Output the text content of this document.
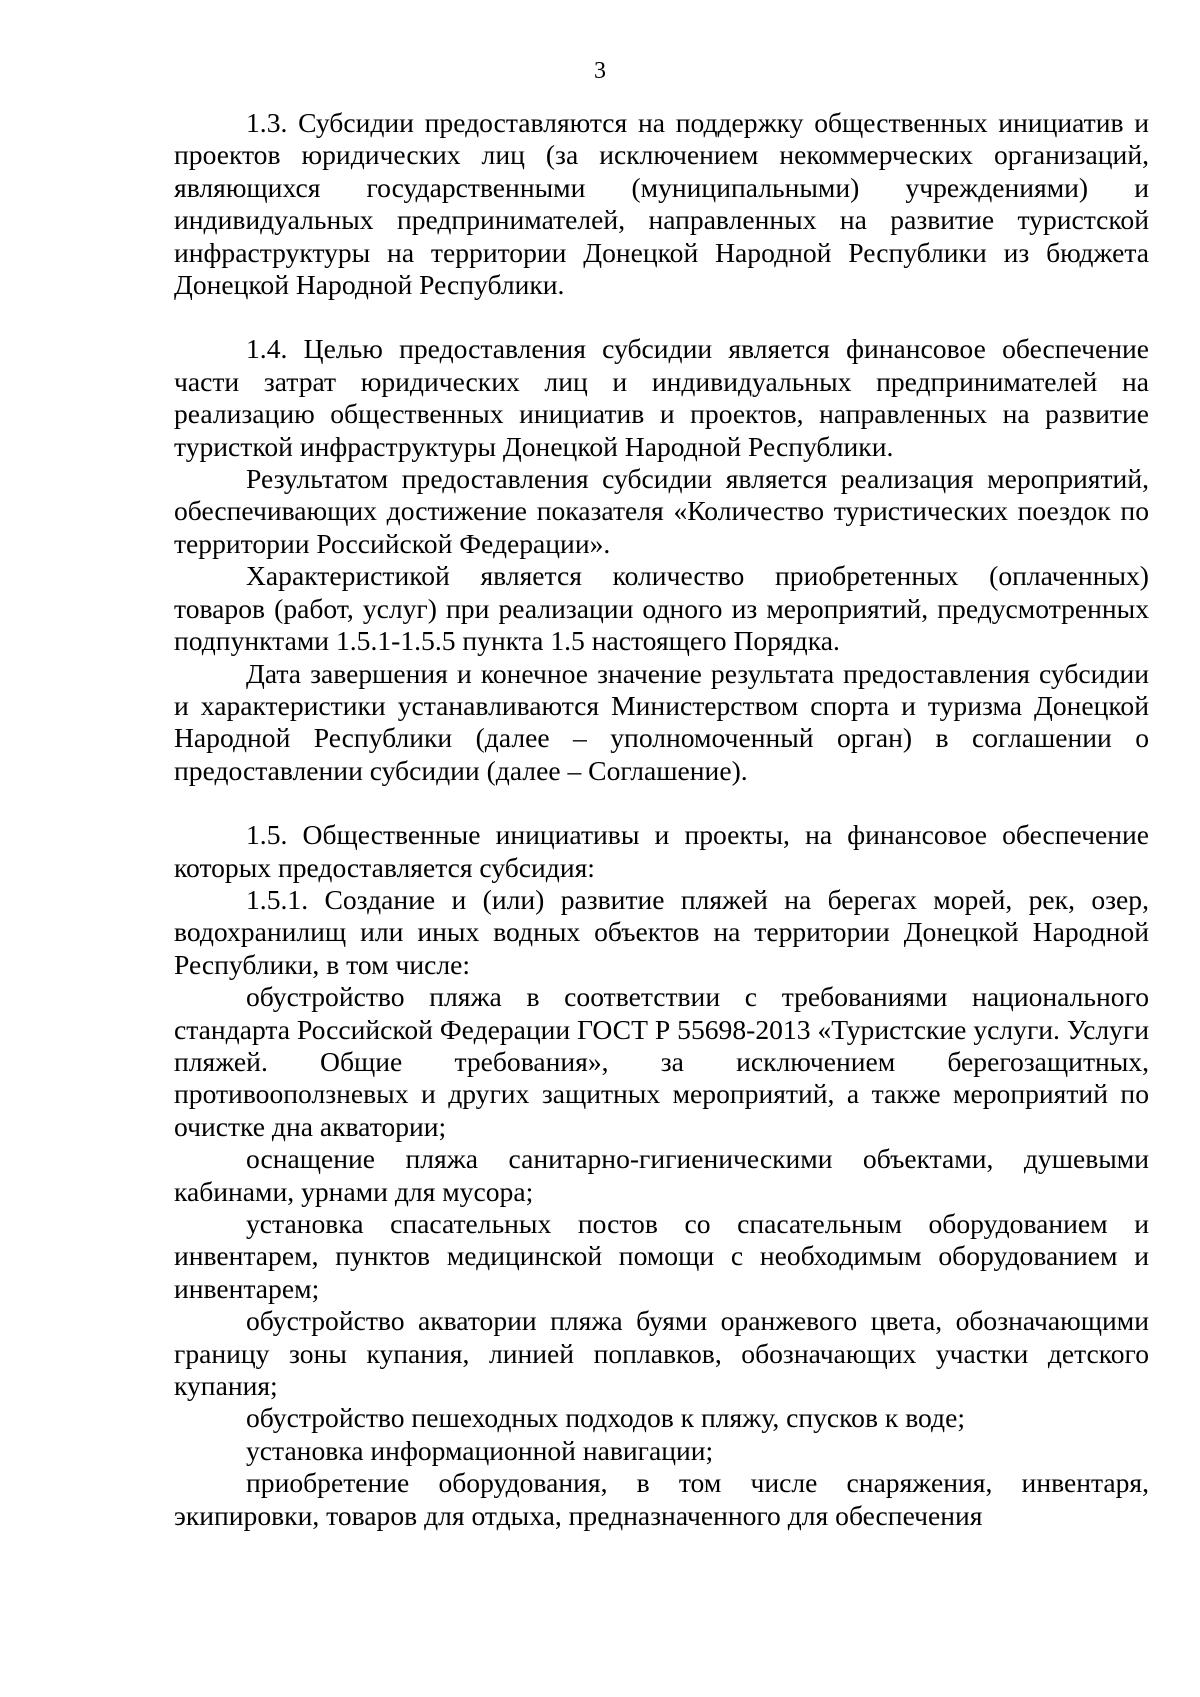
3

1.3. Субсидии предоставляются на поддержку общественных инициатив и проектов юридических лиц (за исключением некоммерческих организаций, являющихся государственными (муниципальными) учреждениями) и индивидуальных предпринимателей, направленных на развитие туристской инфраструктуры на территории Донецкой Народной Республики из бюджета Донецкой Народной Республики.

1.4. Целью предоставления субсидии является финансовое обеспечение части затрат юридических лиц и индивидуальных предпринимателей на реализацию общественных инициатив и проектов, направленных на развитие туристкой инфраструктуры Донецкой Народной Республики.

Результатом предоставления субсидии является реализация мероприятий, обеспечивающих достижение показателя «Количество туристических поездок по территории Российской Федерации».

Характеристикой является количество приобретенных (оплаченных) товаров (работ, услуг) при реализации одного из мероприятий, предусмотренных подпунктами 1.5.1-1.5.5 пункта 1.5 настоящего Порядка.

Дата завершения и конечное значение результата предоставления субсидии и характеристики устанавливаются Министерством спорта и туризма Донецкой Народной Республики (далее – уполномоченный орган) в соглашении о предоставлении субсидии (далее – Соглашение).

1.5. Общественные инициативы и проекты, на финансовое обеспечение которых предоставляется субсидия:

1.5.1. Создание и (или) развитие пляжей на берегах морей, рек, озер, водохранилищ или иных водных объектов на территории Донецкой Народной Республики, в том числе:

обустройство пляжа в соответствии с требованиями национального стандарта Российской Федерации ГОСТ Р 55698-2013 «Туристские услуги. Услуги пляжей. Общие требования», за исключением берегозащитных, противооползневых и других защитных мероприятий, а также мероприятий по очистке дна акватории;

оснащение пляжа санитарно-гигиеническими объектами, душевыми кабинами, урнами для мусора;

установка спасательных постов со спасательным оборудованием и инвентарем, пунктов медицинской помощи с необходимым оборудованием и инвентарем;

обустройство акватории пляжа буями оранжевого цвета, обозначающими границу зоны купания, линией поплавков, обозначающих участки детского купания;

обустройство пешеходных подходов к пляжу, спусков к воде;

установка информационной навигации;

приобретение оборудования, в том числе снаряжения, инвентаря, экипировки, товаров для отдыха, предназначенного для обеспечения
